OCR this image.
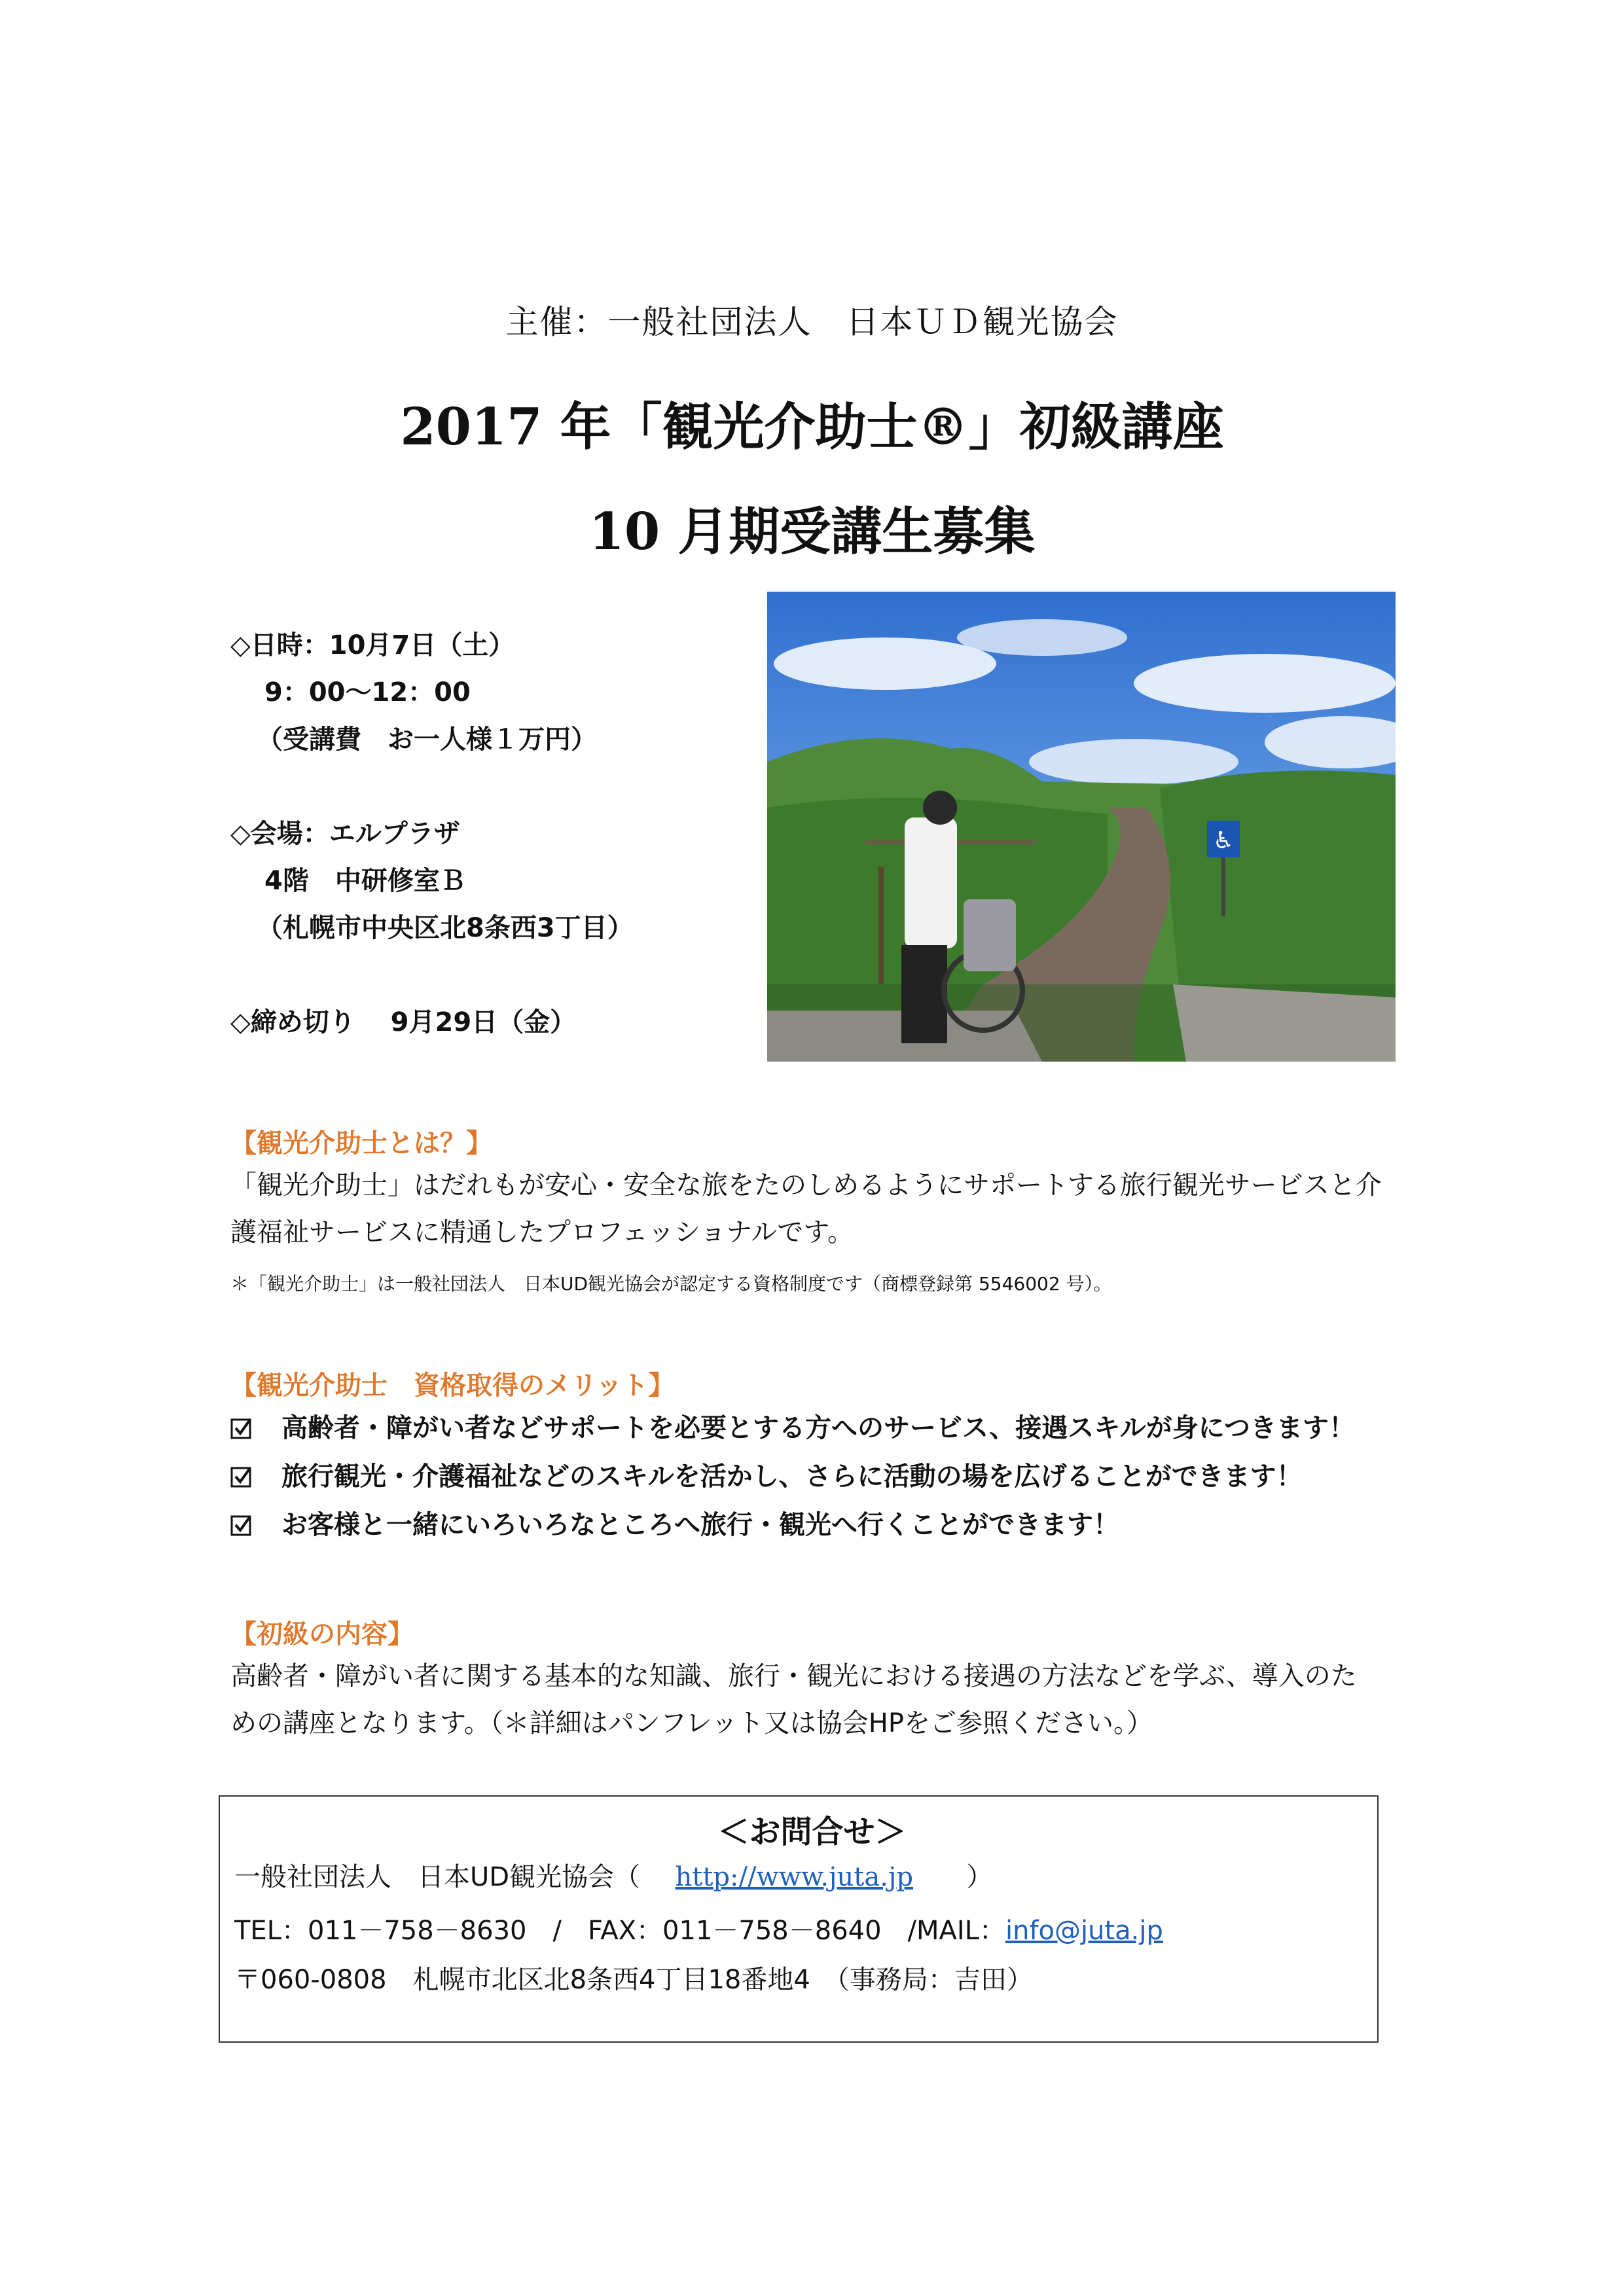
主催：一般社団法人　日本ＵＤ観光協会
2017 年「観光介助士®」初級講座
10 月期受講生募集
◇日時：10月7日（土）
9：00～12：00
（受講費　お一人様１万円）
◇会場：エルプラザ
4階　中研修室Ｂ
（札幌市中央区北8条西3丁目）
◇締め切り　 9月29日（金）
♿
【観光介助士とは？】
「観光介助士」はだれもが安心・安全な旅をたのしめるようにサポートする旅行観光サービスと介
護福祉サービスに精通したプロフェッショナルです。
＊「観光介助士」は一般社団法人　日本UD観光協会が認定する資格制度です（商標登録第 5546002 号）。
【観光介助士　資格取得のメリット】
高齢者・障がい者などサポートを必要とする方へのサービス、接遇スキルが身につきます！
旅行観光・介護福祉などのスキルを活かし、さらに活動の場を広げることができます！
お客様と一緒にいろいろなところへ旅行・観光へ行くことができます！
【初級の内容】
高齢者・障がい者に関する基本的な知識、旅行・観光における接遇の方法などを学ぶ、導入のた
めの講座となります。（＊詳細はパンフレット又は協会HPをご参照ください。）
＜お問合せ＞
一般社団法人　日本UD観光協会（ http://www.juta.jp ）
TEL：011－758－8630　/　FAX：011－758－8640　/MAIL：info@juta.jp
〒060-0808　札幌市北区北8条西4丁目18番地4　（事務局：吉田）
